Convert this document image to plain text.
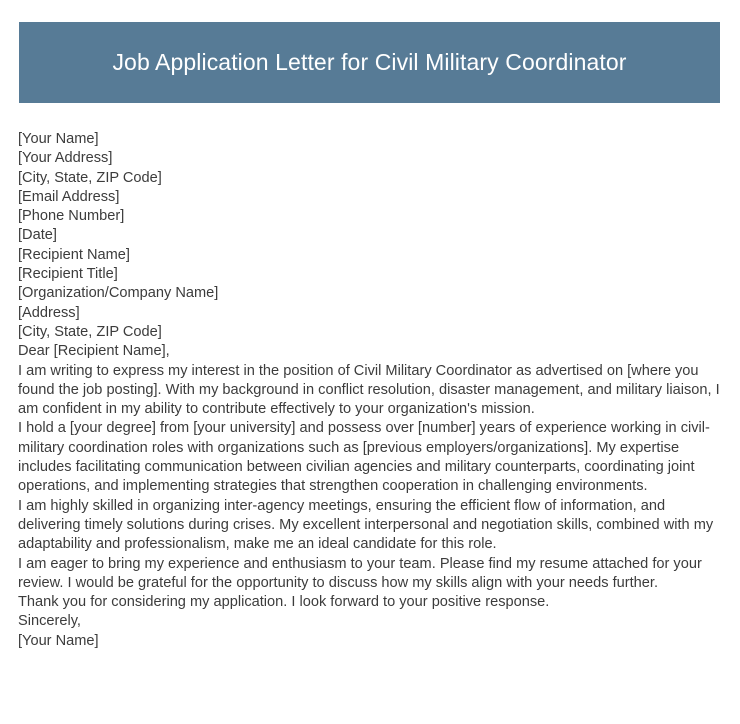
Job Application Letter for Civil Military Coordinator
[Your Name]
[Your Address]
[City, State, ZIP Code]
[Email Address]
[Phone Number]
[Date]
[Recipient Name]
[Recipient Title]
[Organization/Company Name]
[Address]
[City, State, ZIP Code]
Dear [Recipient Name],
I am writing to express my interest in the position of Civil Military Coordinator as advertised on [where you found the job posting]. With my background in conflict resolution, disaster management, and military liaison, I am confident in my ability to contribute effectively to your organization's mission.
I hold a [your degree] from [your university] and possess over [number] years of experience working in civil-military coordination roles with organizations such as [previous employers/organizations]. My expertise includes facilitating communication between civilian agencies and military counterparts, coordinating joint operations, and implementing strategies that strengthen cooperation in challenging environments.
I am highly skilled in organizing inter-agency meetings, ensuring the efficient flow of information, and delivering timely solutions during crises. My excellent interpersonal and negotiation skills, combined with my adaptability and professionalism, make me an ideal candidate for this role.
I am eager to bring my experience and enthusiasm to your team. Please find my resume attached for your review. I would be grateful for the opportunity to discuss how my skills align with your needs further.
Thank you for considering my application. I look forward to your positive response.
Sincerely,
[Your Name]
